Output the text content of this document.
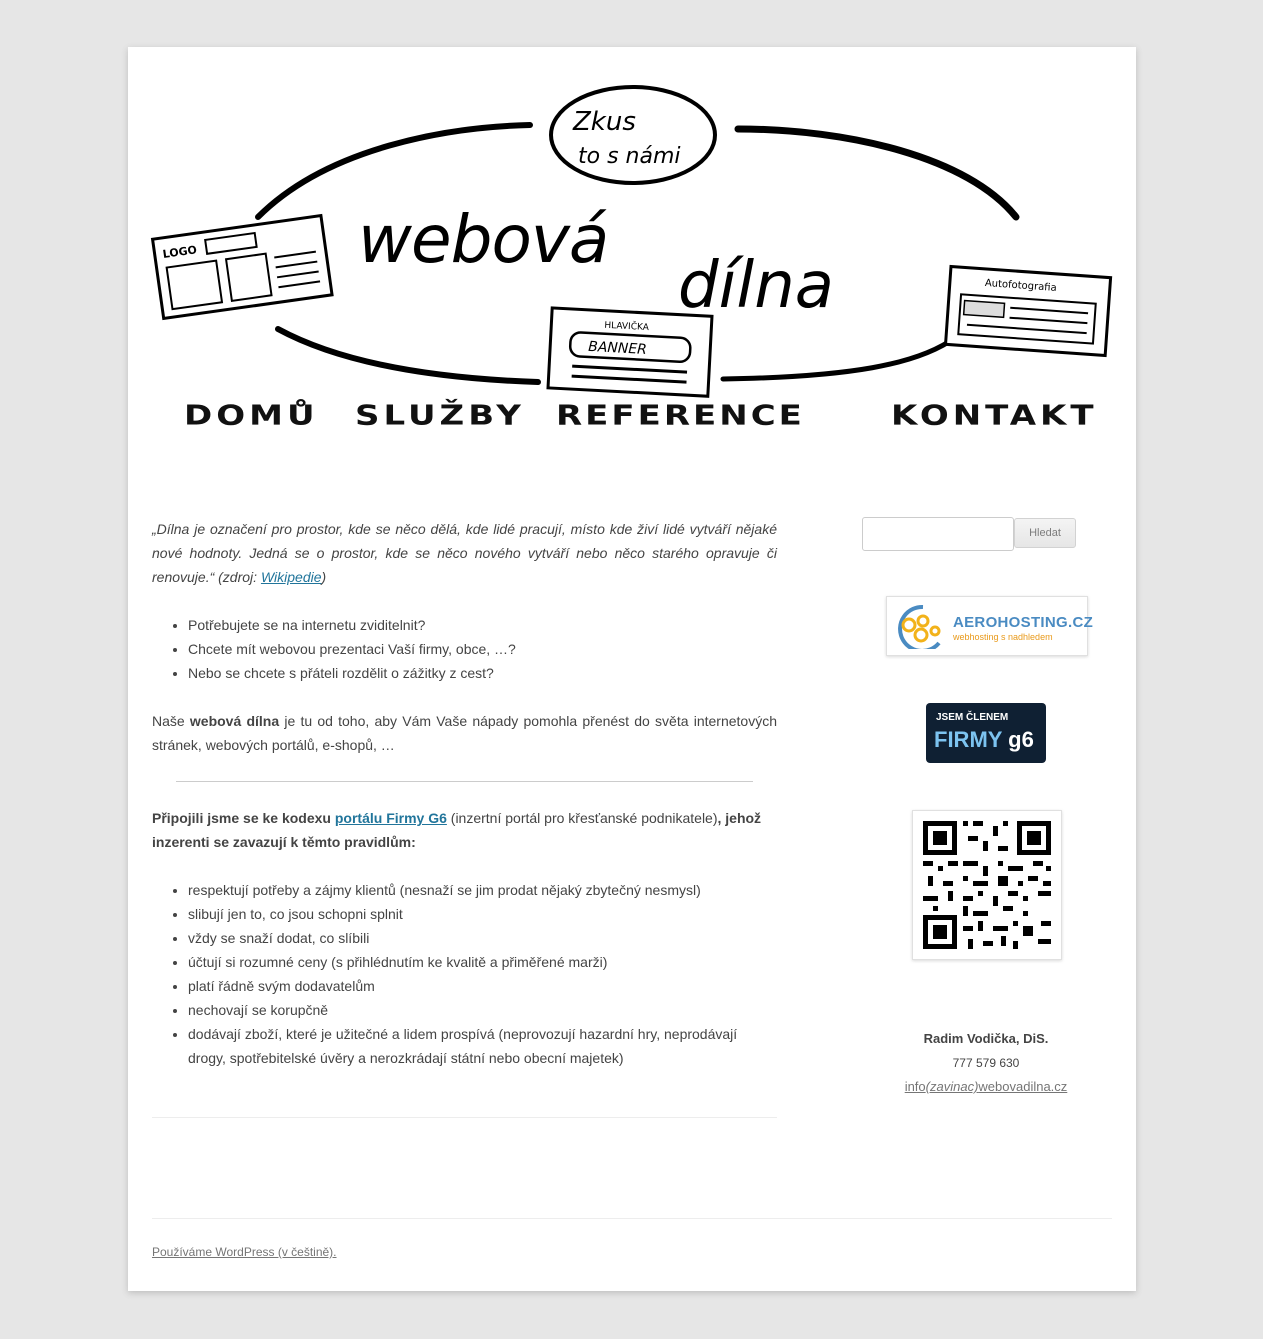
Zkus
to s námi
LOGO
Autofotografia
HLAVIČKA
BANNER
webová
dílna
DOMŮ SLUŽBY REFERENCE	KONTAKT

„Dílna je označení pro prostor, kde se něco dělá, kde lidé pracují, místo kde živí lidé vytváří nějaké nové hodnoty. Jedná se o prostor, kde se něco nového vytváří nebo něco starého opravuje či renovuje.“ (zdroj: Wikipedie)

• Potřebujete se na internetu zviditelnit?
• Chcete mít webovou prezentaci Vaší firmy, obce, …?
• Nebo se chcete s přáteli rozdělit o zážitky z cest?

Naše webová dílna je tu od toho, aby Vám Vaše nápady pomohla přenést do světa internetových stránek, webových portálů, e-shopů, …

Připojili jsme se ke kodexu portálu Firmy G6 (inzertní portál pro křesťanské podnikatele), jehož inzerenti se zavazují k těmto pravidlům:

• respektují potřeby a zájmy klientů (nesnaží se jim prodat nějaký zbytečný nesmysl)
• slibují jen to, co jsou schopni splnit
• vždy se snaží dodat, co slíbili
• účtují si rozumné ceny (s přihlédnutím ke kvalitě a přiměřené marži)
• platí řádně svým dodavatelům
• nechovají se korupčně
• dodávají zboží, které je užitečné a lidem prospívá (neprovozují hazardní hry, neprodávají drogy, spotřebitelské úvěry a nerozkrádají státní nebo obecní majetek)
Hledat
AEROHOSTING.CZ
webhosting s nadhledem
JSEM ČLENEM
FIRMY g6
Radim Vodička, DiS.
777 579 630
info(zavinac)webovadilna.cz
Používáme WordPress (v češtině).
